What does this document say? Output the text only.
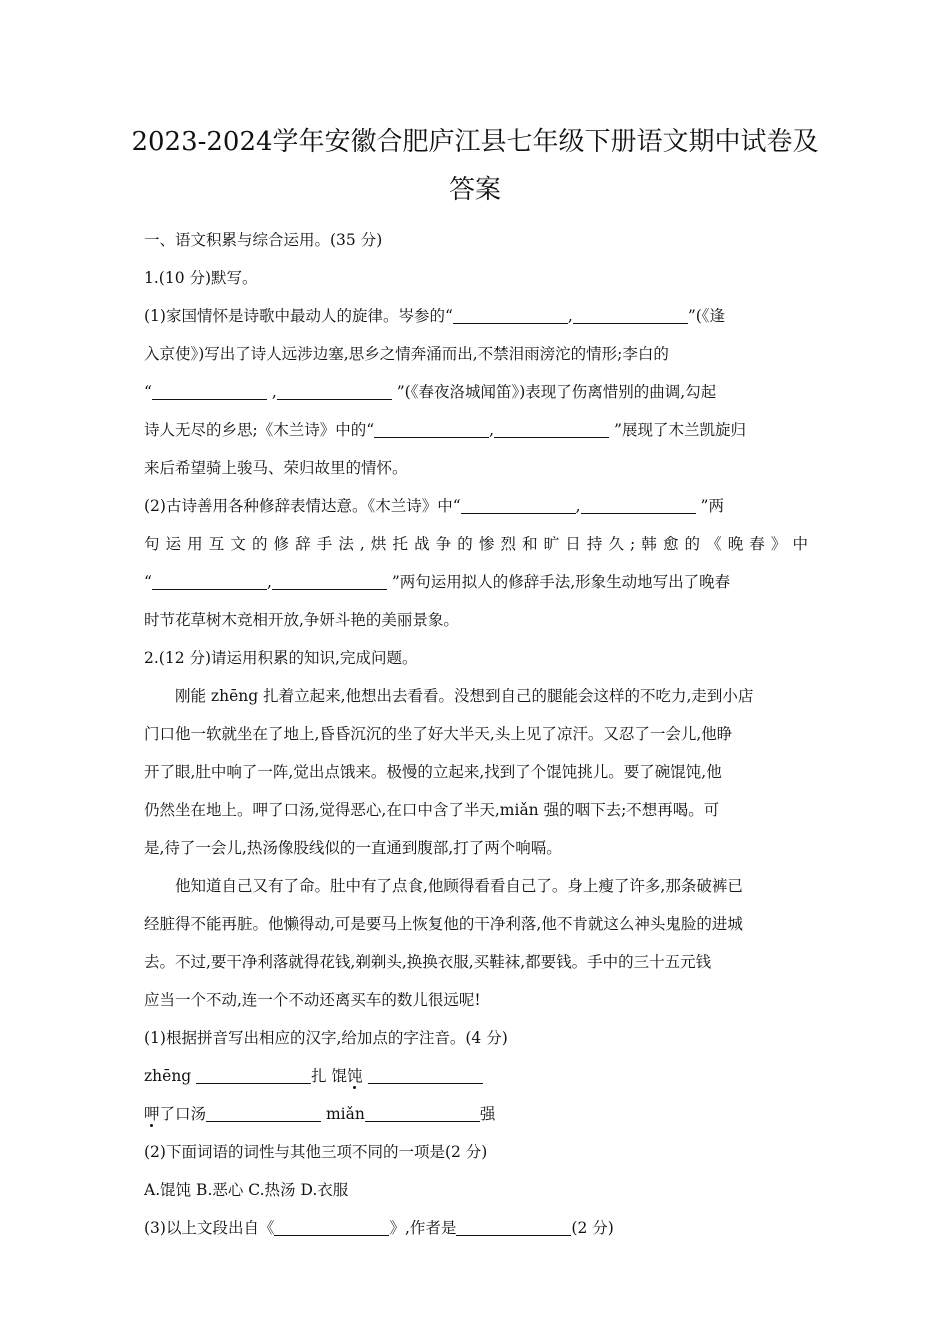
2023-2024学年安徽合肥庐江县七年级下册语文期中试卷及
答案
一、语文积累与综合运用。(35 分)
1.(10 分)默写。
(1)家国情怀是诗歌中最动人的旋律。岑参的“	,	”(《逢
入京使》)写出了诗人远涉边塞,思乡之情奔涌而出,不禁泪雨滂沱的情形;李白的
“	,	”(《春夜洛城闻笛》)表现了伤离惜别的曲调,勾起
诗人无尽的乡思;《木兰诗》中的“	,	”展现了木兰凯旋归
来后希望骑上骏马、荣归故里的情怀。
(2)古诗善用各种修辞表情达意。《木兰诗》中“	,	”两
句运用互文的修辞手法,烘托战争的惨烈和旷日持久;韩愈的《晚春》中
“	,	”两句运用拟人的修辞手法,形象生动地写出了晚春
时节花草树木竞相开放,争妍斗艳的美丽景象。
2.(12 分)请运用积累的知识,完成问题。
刚能 zhēng 扎着立起来,他想出去看看。没想到自己的腿能会这样的不吃力,走到小店
门口他一软就坐在了地上,昏昏沉沉的坐了好大半天,头上见了凉汗。又忍了一会儿,他睁
开了眼,肚中响了一阵,觉出点饿来。极慢的立起来,找到了个馄饨挑儿。要了碗馄饨,他
仍然坐在地上。呷了口汤,觉得恶心,在口中含了半天,miǎn 强的咽下去;不想再喝。可
是,待了一会儿,热汤像股线似的一直通到腹部,打了两个响嗝。
他知道自己又有了命。肚中有了点食,他顾得看看自己了。身上瘦了许多,那条破裤已
经脏得不能再脏。他懒得动,可是要马上恢复他的干净利落,他不肯就这么神头鬼脸的进城
去。不过,要干净利落就得花钱,剃剃头,换换衣服,买鞋袜,都要钱。手中的三十五元钱
应当一个不动,连一个不动还离买车的数儿很远呢!
(1)根据拼音写出相应的汉字,给加点的字注音。(4 分)
zhēng	扎 馄饨
呷了口汤	miǎn	强
(2)下面词语的词性与其他三项不同的一项是(2 分)
A.馄饨 B.恶心 C.热汤 D.衣服
(3)以上文段出自《	》,作者是	(2 分)
